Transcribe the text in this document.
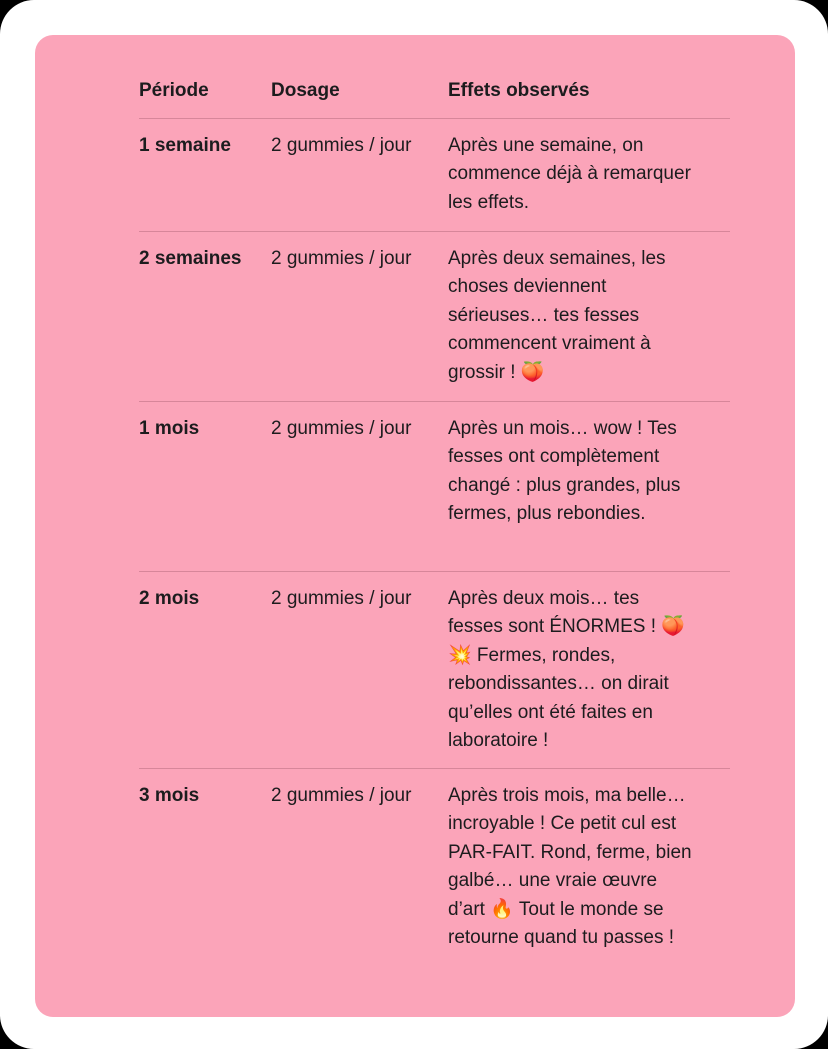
Période	Dosage	Effets observés
1 semaine	2 gummies / jour	Après une semaine, on commence déjà à remarquer les effets.
2 semaines	2 gummies / jour	Après deux semaines, les choses deviennent sérieuses… tes fesses commencent vraiment à grossir ! 🍑
1 mois	2 gummies / jour	Après un mois… wow ! Tes fesses ont complètement changé : plus grandes, plus fermes, plus rebondies.
2 mois	2 gummies / jour	Après deux mois… tes fesses sont ÉNORMES ! 🍑💥 Fermes, rondes, rebondissantes… on dirait qu’elles ont été faites en laboratoire !
3 mois	2 gummies / jour	Après trois mois, ma belle… incroyable ! Ce petit cul est PAR-FAIT. Rond, ferme, bien galbé… une vraie œuvre d’art 🔥 Tout le monde se retourne quand tu passes !
